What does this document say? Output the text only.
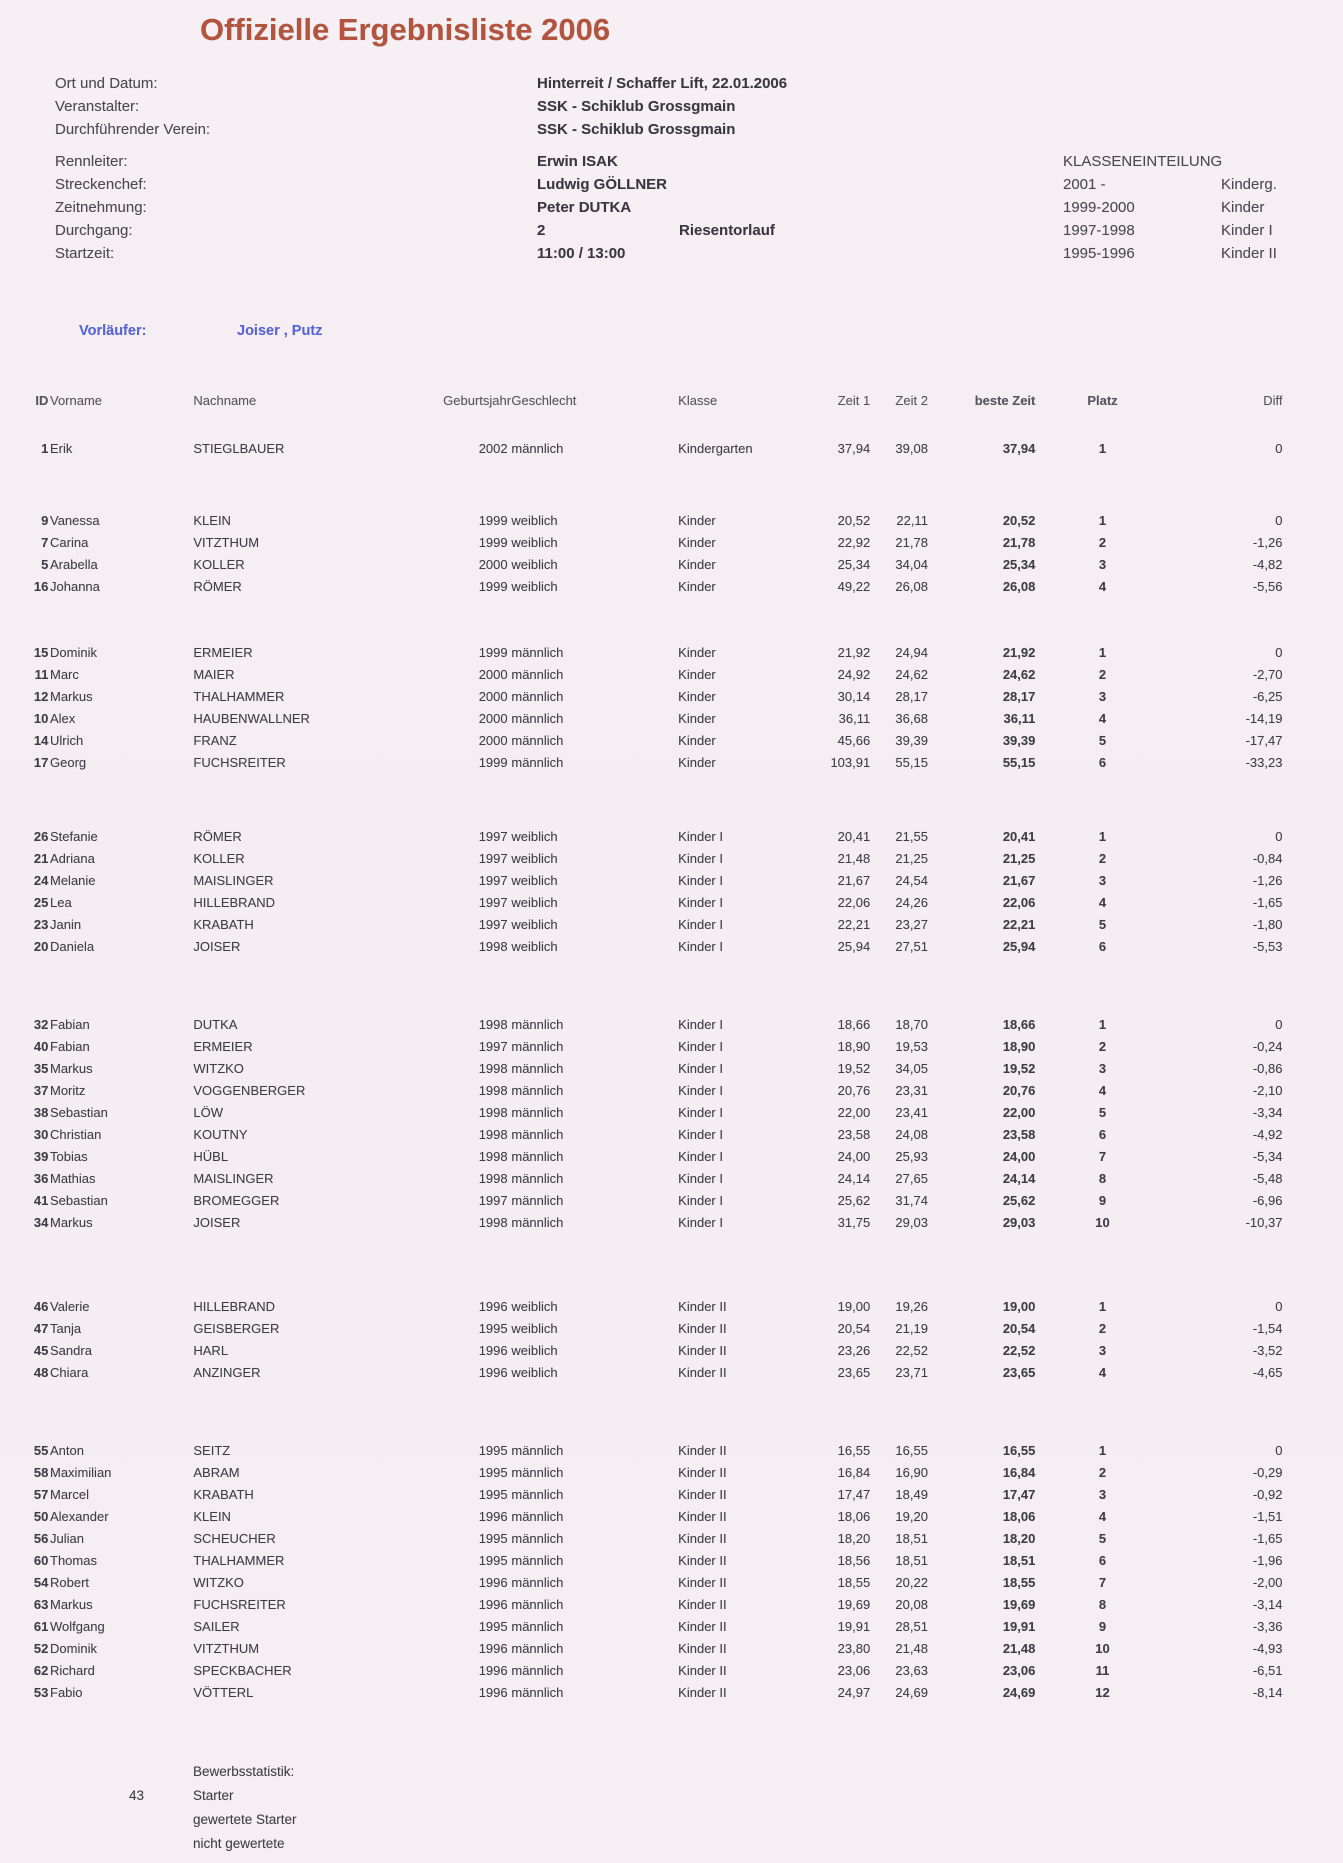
Offizielle Ergebnisliste 2006
Ort und Datum:	Hinterreit / Schaffer Lift, 22.01.2006
Veranstalter:	SSK - Schiklub Grossgmain
Durchführender Verein:	SSK - Schiklub Grossgmain
Rennleiter:	Erwin ISAK
Streckenchef:	Ludwig GÖLLNER
Zeitnehmung:	Peter DUTKA
Durchgang:	2	Riesentorlauf
Startzeit:	11:00 / 13:00
KLASSENEINTEILUNG
2001 -	Kinderg.
1999-2000	Kinder
1997-1998	Kinder I
1995-1996	Kinder II
Vorläufer:	Joiser , Putz
ID Vorname	Nachname	Geburtsjahr Geschlecht	Klasse	Zeit 1	Zeit 2	beste Zeit	Platz	Diff
1 Erik	STIEGLBAUER	2002 männlich	Kindergarten	37,94	39,08	37,94	1	0
9 Vanessa	KLEIN	1999 weiblich	Kinder	20,52	22,11	20,52	1	0
7 Carina	VITZTHUM	1999 weiblich	Kinder	22,92	21,78	21,78	2	-1,26
5 Arabella	KOLLER	2000 weiblich	Kinder	25,34	34,04	25,34	3	-4,82
16 Johanna	RÖMER	1999 weiblich	Kinder	49,22	26,08	26,08	4	-5,56
15 Dominik	ERMEIER	1999 männlich	Kinder	21,92	24,94	21,92	1	0
11 Marc	MAIER	2000 männlich	Kinder	24,92	24,62	24,62	2	-2,70
12 Markus	THALHAMMER	2000 männlich	Kinder	30,14	28,17	28,17	3	-6,25
10 Alex	HAUBENWALLNER	2000 männlich	Kinder	36,11	36,68	36,11	4	-14,19
14 Ulrich	FRANZ	2000 männlich	Kinder	45,66	39,39	39,39	5	-17,47
17 Georg	FUCHSREITER	1999 männlich	Kinder	103,91	55,15	55,15	6	-33,23
26 Stefanie	RÖMER	1997 weiblich	Kinder I	20,41	21,55	20,41	1	0
21 Adriana	KOLLER	1997 weiblich	Kinder I	21,48	21,25	21,25	2	-0,84
24 Melanie	MAISLINGER	1997 weiblich	Kinder I	21,67	24,54	21,67	3	-1,26
25 Lea	HILLEBRAND	1997 weiblich	Kinder I	22,06	24,26	22,06	4	-1,65
23 Janin	KRABATH	1997 weiblich	Kinder I	22,21	23,27	22,21	5	-1,80
20 Daniela	JOISER	1998 weiblich	Kinder I	25,94	27,51	25,94	6	-5,53
32 Fabian	DUTKA	1998 männlich	Kinder I	18,66	18,70	18,66	1	0
40 Fabian	ERMEIER	1997 männlich	Kinder I	18,90	19,53	18,90	2	-0,24
35 Markus	WITZKO	1998 männlich	Kinder I	19,52	34,05	19,52	3	-0,86
37 Moritz	VOGGENBERGER	1998 männlich	Kinder I	20,76	23,31	20,76	4	-2,10
38 Sebastian	LÖW	1998 männlich	Kinder I	22,00	23,41	22,00	5	-3,34
30 Christian	KOUTNY	1998 männlich	Kinder I	23,58	24,08	23,58	6	-4,92
39 Tobias	HÜBL	1998 männlich	Kinder I	24,00	25,93	24,00	7	-5,34
36 Mathias	MAISLINGER	1998 männlich	Kinder I	24,14	27,65	24,14	8	-5,48
41 Sebastian	BROMEGGER	1997 männlich	Kinder I	25,62	31,74	25,62	9	-6,96
34 Markus	JOISER	1998 männlich	Kinder I	31,75	29,03	29,03	10	-10,37
46 Valerie	HILLEBRAND	1996 weiblich	Kinder II	19,00	19,26	19,00	1	0
47 Tanja	GEISBERGER	1995 weiblich	Kinder II	20,54	21,19	20,54	2	-1,54
45 Sandra	HARL	1996 weiblich	Kinder II	23,26	22,52	22,52	3	-3,52
48 Chiara	ANZINGER	1996 weiblich	Kinder II	23,65	23,71	23,65	4	-4,65
55 Anton	SEITZ	1995 männlich	Kinder II	16,55	16,55	16,55	1	0
58 Maximilian	ABRAM	1995 männlich	Kinder II	16,84	16,90	16,84	2	-0,29
57 Marcel	KRABATH	1995 männlich	Kinder II	17,47	18,49	17,47	3	-0,92
50 Alexander	KLEIN	1996 männlich	Kinder II	18,06	19,20	18,06	4	-1,51
56 Julian	SCHEUCHER	1995 männlich	Kinder II	18,20	18,51	18,20	5	-1,65
60 Thomas	THALHAMMER	1995 männlich	Kinder II	18,56	18,51	18,51	6	-1,96
54 Robert	WITZKO	1996 männlich	Kinder II	18,55	20,22	18,55	7	-2,00
63 Markus	FUCHSREITER	1996 männlich	Kinder II	19,69	20,08	19,69	8	-3,14
61 Wolfgang	SAILER	1995 männlich	Kinder II	19,91	28,51	19,91	9	-3,36
52 Dominik	VITZTHUM	1996 männlich	Kinder II	23,80	21,48	21,48	10	-4,93
62 Richard	SPECKBACHER	1996 männlich	Kinder II	23,06	23,63	23,06	11	-6,51
53 Fabio	VÖTTERL	1996 männlich	Kinder II	24,97	24,69	24,69	12	-8,14
Bewerbsstatistik:
43	Starter
gewertete Starter
nicht gewertete
